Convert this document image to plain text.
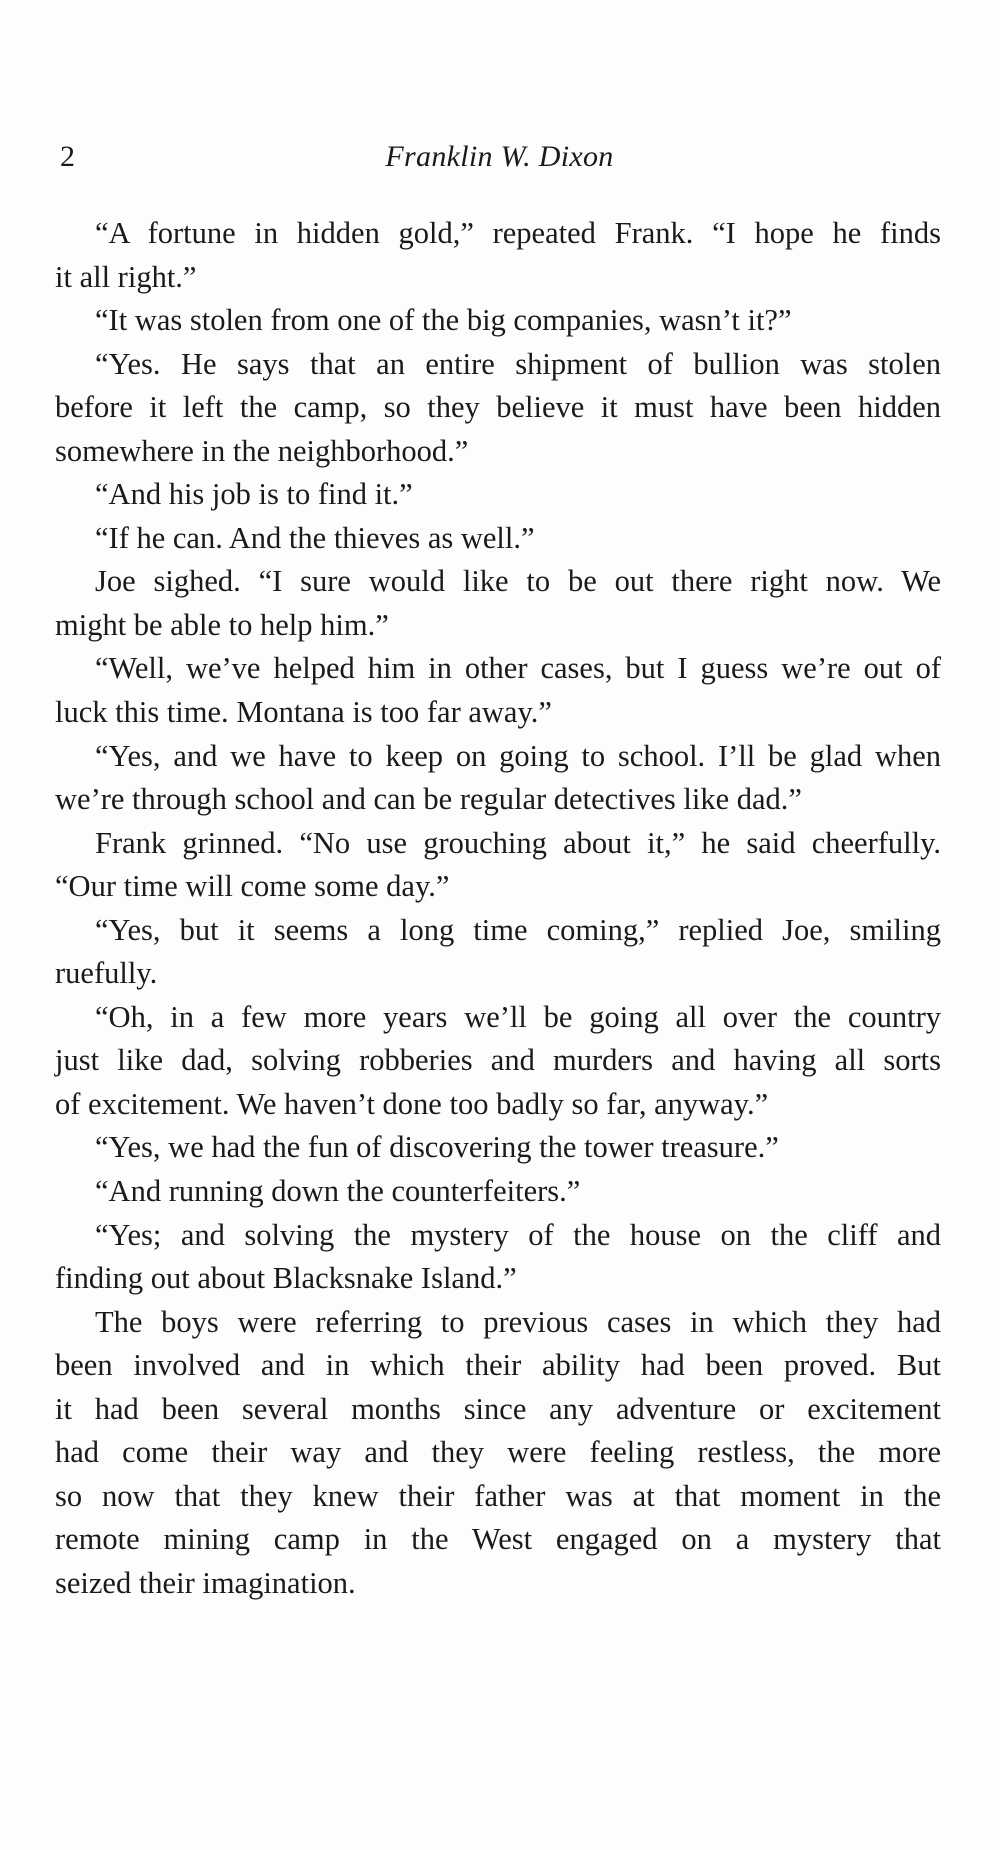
2	Franklin W. Dixon
“A fortune in hidden gold,” repeated Frank. “I hope he finds
it all right.”
“It was stolen from one of the big companies, wasn’t it?”
“Yes. He says that an entire shipment of bullion was stolen
before it left the camp, so they believe it must have been hidden
somewhere in the neighborhood.”
“And his job is to find it.”
“If he can. And the thieves as well.”
Joe sighed. “I sure would like to be out there right now. We
might be able to help him.”
“Well, we’ve helped him in other cases, but I guess we’re out of
luck this time. Montana is too far away.”
“Yes, and we have to keep on going to school. I’ll be glad when
we’re through school and can be regular detectives like dad.”
Frank grinned. “No use grouching about it,” he said cheerfully.
“Our time will come some day.”
“Yes, but it seems a long time coming,” replied Joe, smiling
ruefully.
“Oh, in a few more years we’ll be going all over the country
just like dad, solving robberies and murders and having all sorts
of excitement. We haven’t done too badly so far, anyway.”
“Yes, we had the fun of discovering the tower treasure.”
“And running down the counterfeiters.”
“Yes; and solving the mystery of the house on the cliff and
finding out about Blacksnake Island.”
The boys were referring to previous cases in which they had
been involved and in which their ability had been proved. But
it had been several months since any adventure or excitement
had come their way and they were feeling restless, the more
so now that they knew their father was at that moment in the
remote mining camp in the West engaged on a mystery that
seized their imagination.
